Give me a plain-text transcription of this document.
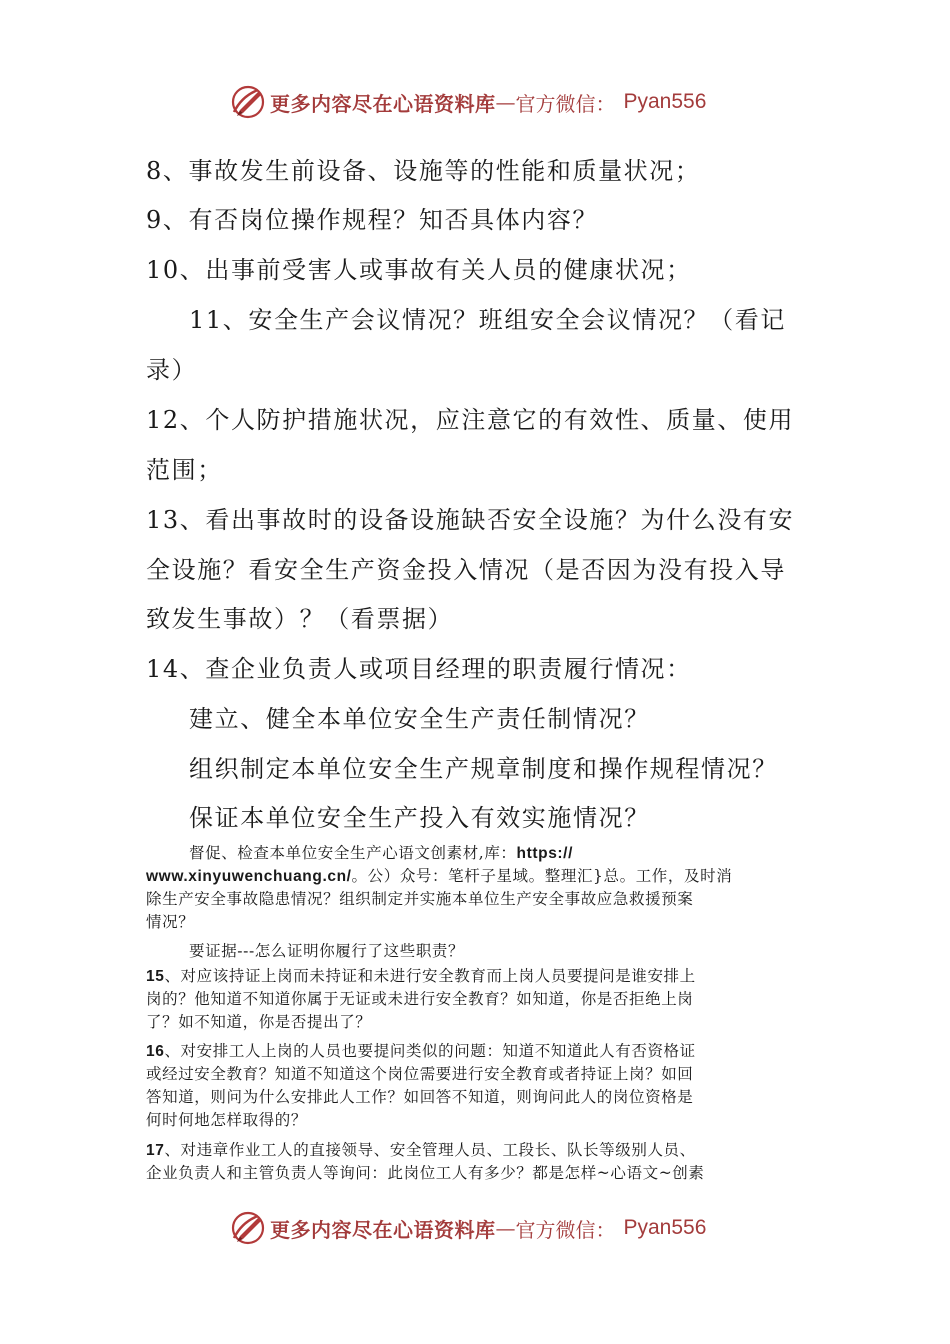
更多内容尽在心语资料库 — 官方微信： Pyan556
8、事故发生前设备、设施等的性能和质量状况；
9、有否岗位操作规程？知否具体内容？
10、出事前受害人或事故有关人员的健康状况；
11、安全生产会议情况？班组安全会议情况？（看记
录）
12、个人防护措施状况，应注意它的有效性、质量、使用
范围；
13、看出事故时的设备设施缺否安全设施？为什么没有安
全设施？看安全生产资金投入情况（是否因为没有投入导
致发生事故）？（看票据）
14、查企业负责人或项目经理的职责履行情况：
建立、健全本单位安全生产责任制情况？
组织制定本单位安全生产规章制度和操作规程情况？
保证本单位安全生产投入有效实施情况？
督促、检查本单位安全生产心语文创素材,库：https://
www.xinyuwenchuang.cn/。公）众号：笔杆子星域。整理汇}总。工作，及时消
除生产安全事故隐患情况？组织制定并实施本单位生产安全事故应急救援预案
情况？
要证据---怎么证明你履行了这些职责？
15、对应该持证上岗而未持证和未进行安全教育而上岗人员要提问是谁安排上
岗的？他知道不知道你属于无证或未进行安全教育？如知道，你是否拒绝上岗
了？如不知道，你是否提出了？
16、对安排工人上岗的人员也要提问类似的问题：知道不知道此人有否资格证
或经过安全教育？知道不知道这个岗位需要进行安全教育或者持证上岗？如回
答知道，则问为什么安排此人工作？如回答不知道，则询问此人的岗位资格是
何时何地怎样取得的？
17、对违章作业工人的直接领导、安全管理人员、工段长、队长等级别人员、
企业负责人和主管负责人等询问：此岗位工人有多少？都是怎样~心语文~创素
更多内容尽在心语资料库 — 官方微信： Pyan556
